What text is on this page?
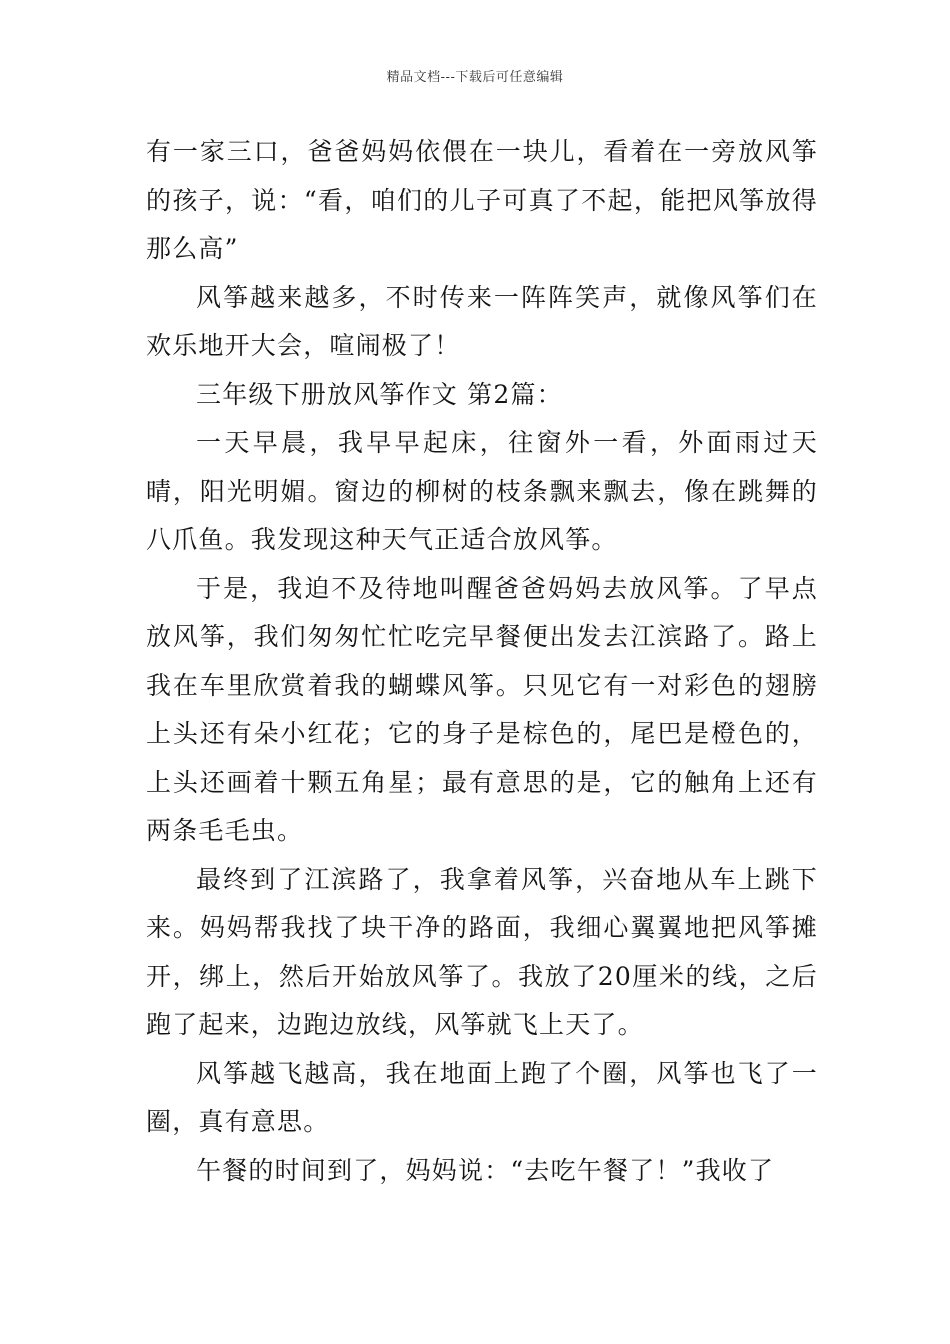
精品文档---下载后可任意编辑

有一家三口，爸爸妈妈依偎在一块儿，看着在一旁放风筝的孩子，说：“看，咱们的儿子可真了不起，能把风筝放得那么高”

风筝越来越多，不时传来一阵阵笑声，就像风筝们在欢乐地开大会，喧闹极了！

三年级下册放风筝作文 第2篇：

一天早晨，我早早起床，往窗外一看，外面雨过天晴，阳光明媚。窗边的柳树的枝条飘来飘去，像在跳舞的八爪鱼。我发现这种天气正适合放风筝。

于是，我迫不及待地叫醒爸爸妈妈去放风筝。了早点放风筝，我们匆匆忙忙吃完早餐便出发去江滨路了。路上我在车里欣赏着我的蝴蝶风筝。只见它有一对彩色的翅膀上头还有朵小红花；它的身子是棕色的，尾巴是橙色的，上头还画着十颗五角星；最有意思的是，它的触角上还有两条毛毛虫。

最终到了江滨路了，我拿着风筝，兴奋地从车上跳下来。妈妈帮我找了块干净的路面，我细心翼翼地把风筝摊开，绑上，然后开始放风筝了。我放了20厘米的线，之后跑了起来，边跑边放线，风筝就飞上天了。

风筝越飞越高，我在地面上跑了个圈，风筝也飞了一圈，真有意思。

午餐的时间到了，妈妈说：“去吃午餐了！”我收了
